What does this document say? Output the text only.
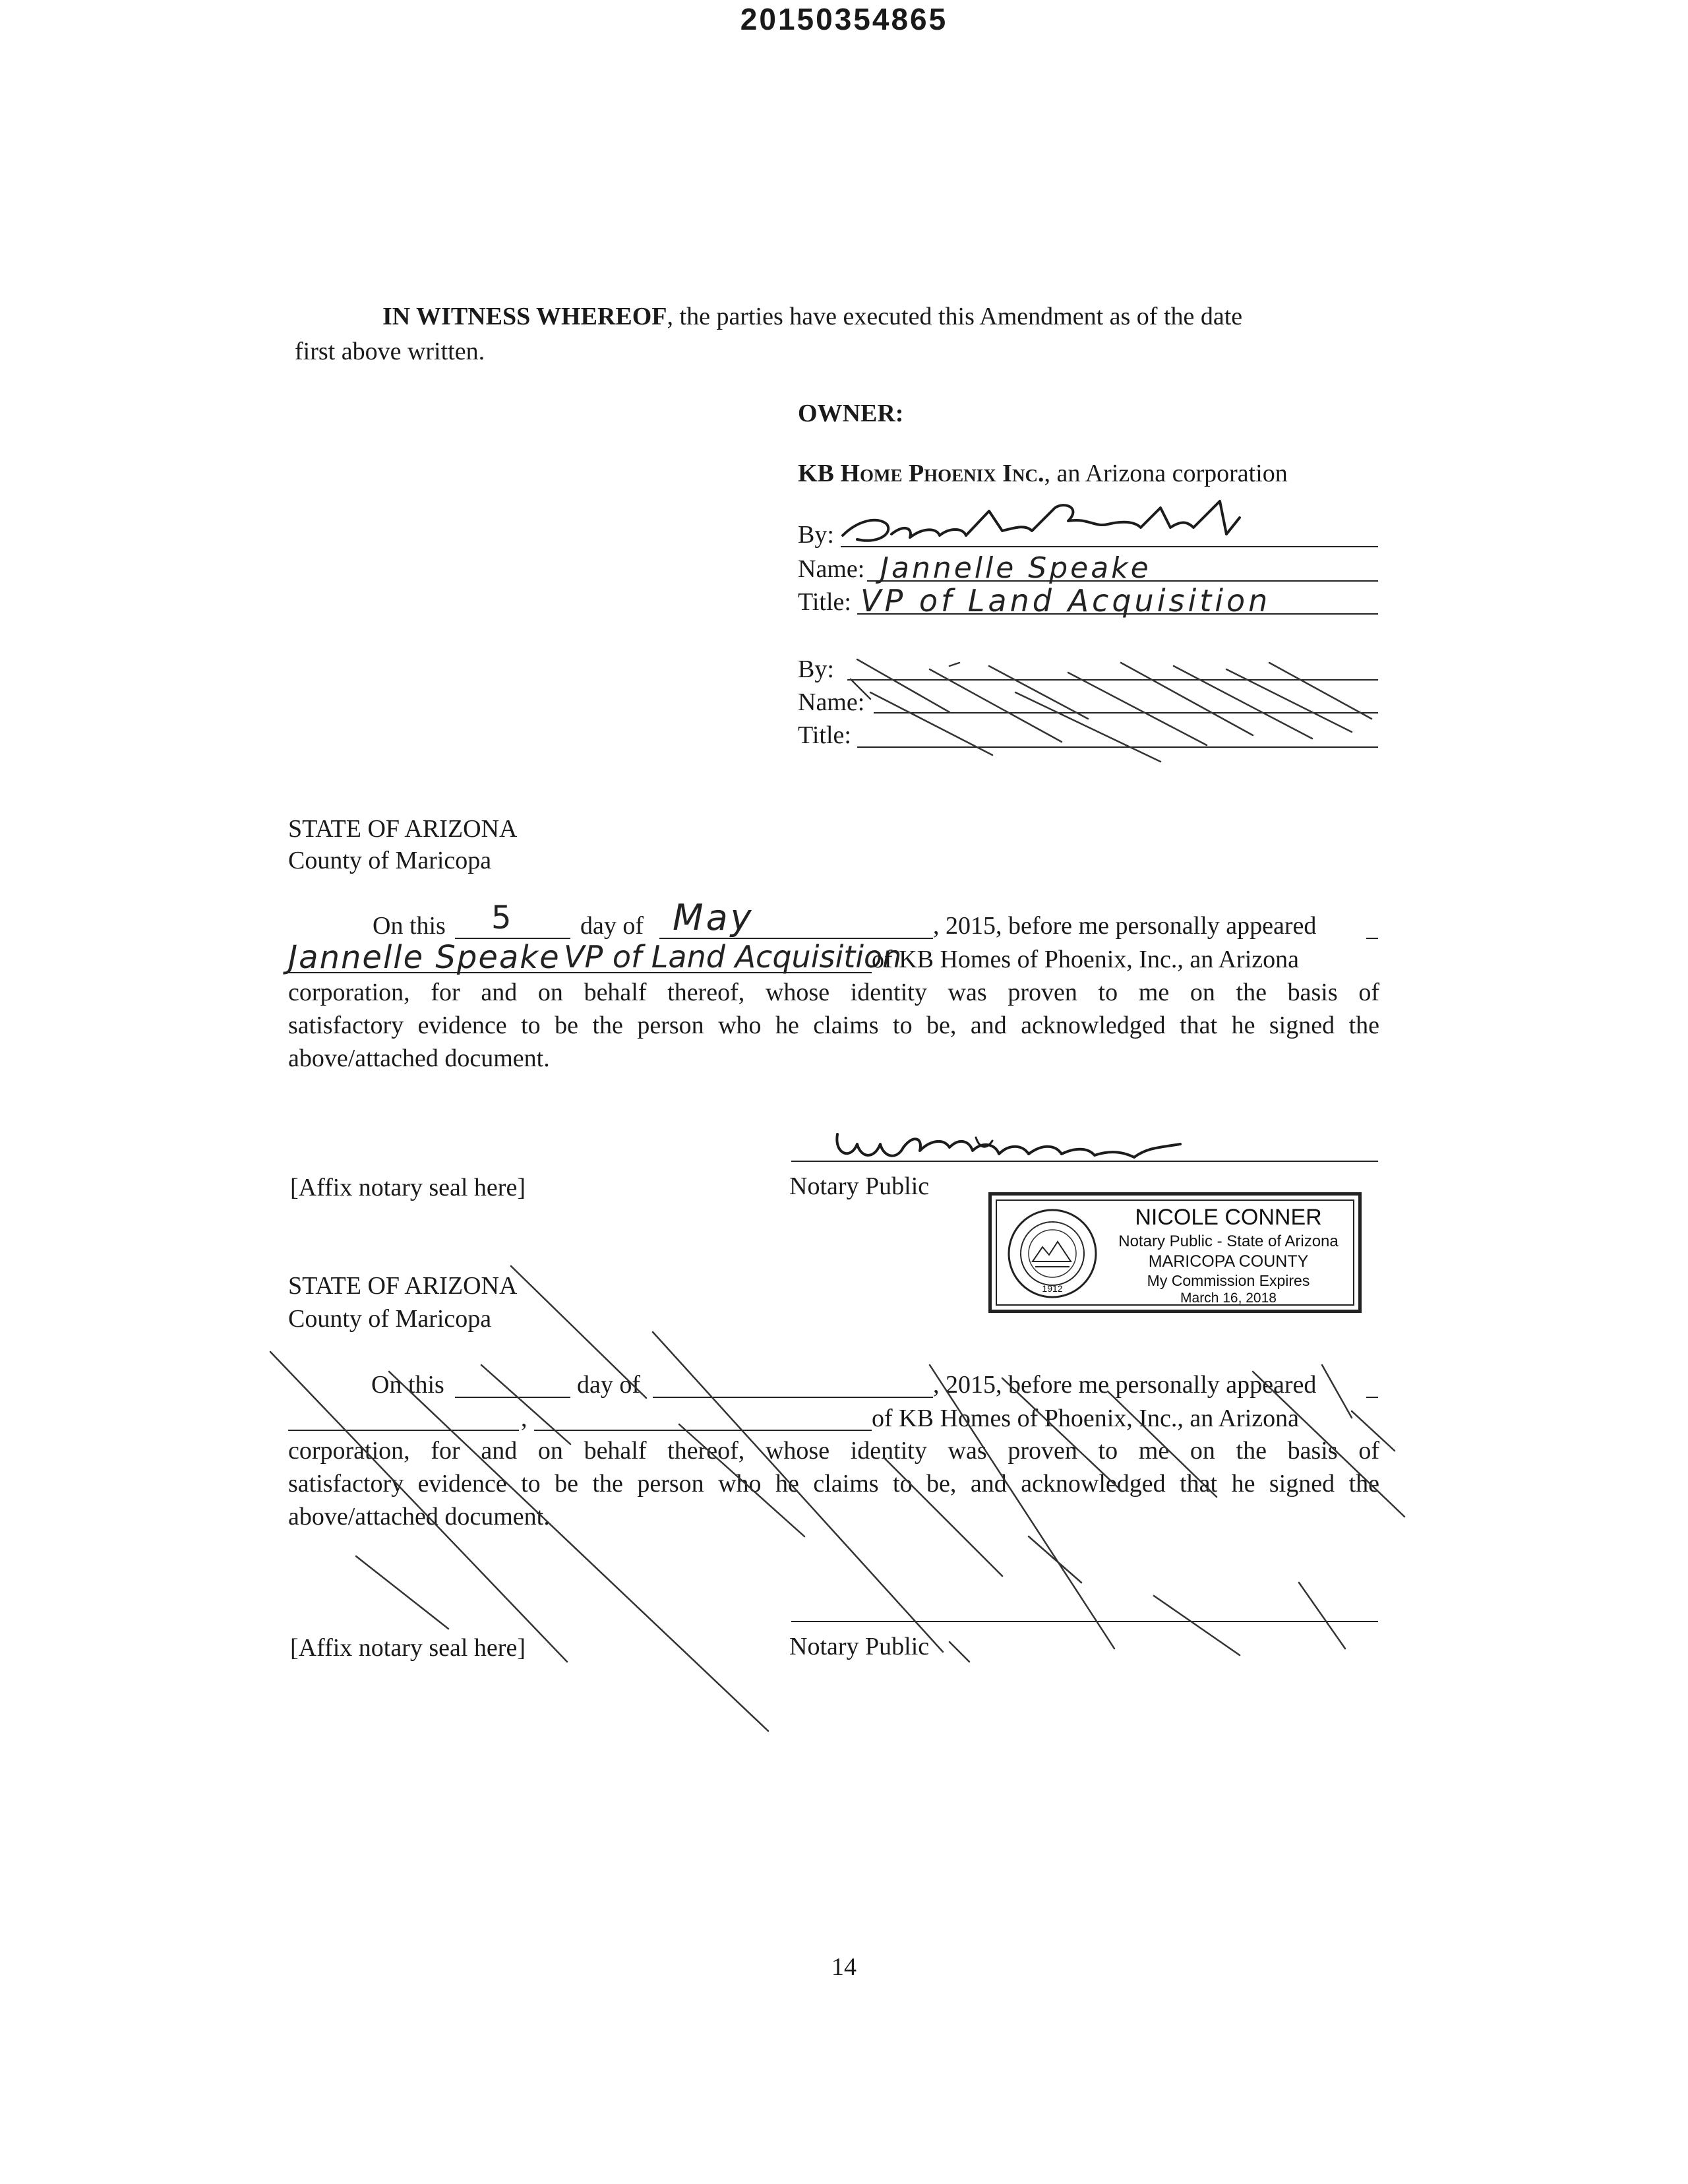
20150354865
IN WITNESS WHEREOF, the parties have executed this Amendment as of the date
first above written.
OWNER:
KB Home Phoenix Inc., an Arizona corporation
By:
Name: Jannelle Speake
Title: VP of Land Acquisition
By:
Name:
Title:
STATE OF ARIZONA
County of Maricopa
On this 5	day of May	, 2015, before me personally appeared
Jannelle Speake VP of Land Acquisition
of KB Homes of Phoenix, Inc., an Arizona
corporation, for and on behalf thereof, whose identity was proven to me on the basis of
satisfactory evidence to be the person who he claims to be, and acknowledged that he signed the
above/attached document.
[Affix notary seal here]	Notary Public
NICOLE CONNER
Notary Public - State of Arizona
MARICOPA COUNTY
My Commission Expires
March 16, 2018
1912
STATE OF ARIZONA
County of Maricopa
On this	day of	, 2015, before me personally appeared
,	of KB Homes of Phoenix, Inc., an Arizona
corporation, for and on behalf thereof, whose identity was proven to me on the basis of
satisfactory evidence to be the person who he claims to be, and acknowledged that he signed the
above/attached document.
[Affix notary seal here]	Notary Public
14
